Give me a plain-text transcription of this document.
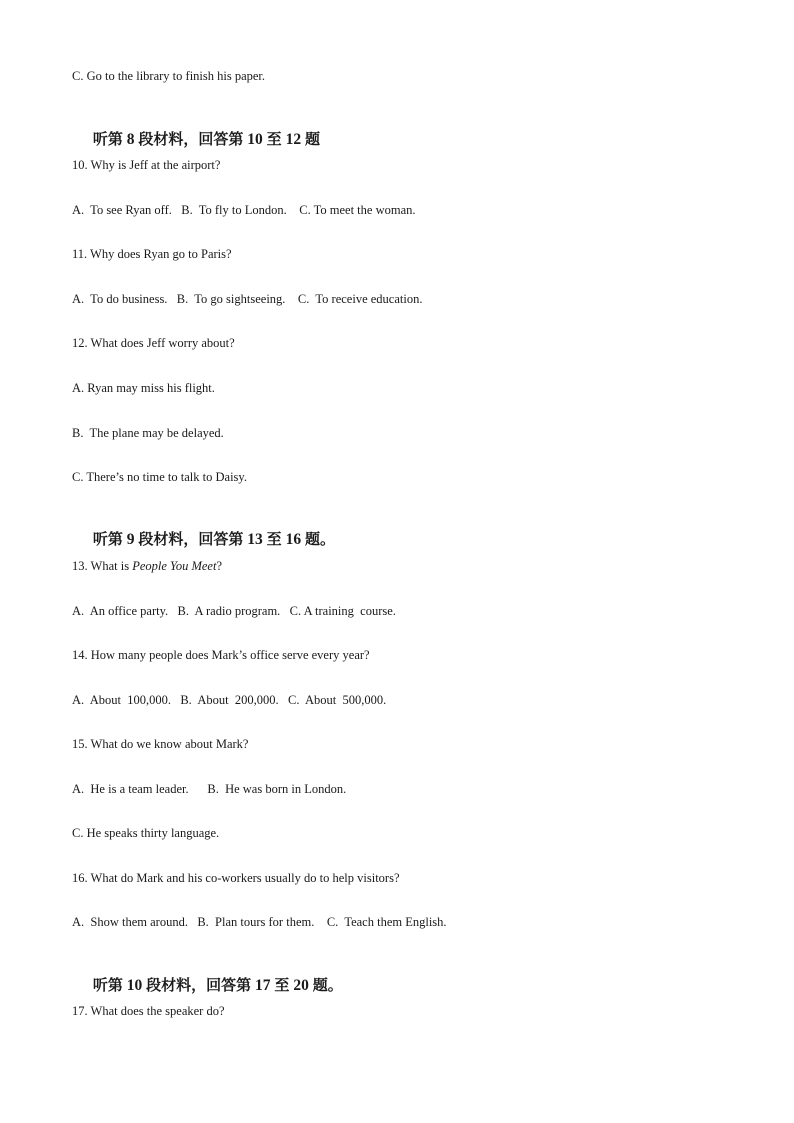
C. Go to the library to finish his paper.

听第 8 段材料，回答第 10 至 12 题

10. Why is Jeff at the airport?
A.  To see Ryan off.   B.  To fly to London.    C. To meet the woman.
11. Why does Ryan go to Paris?
A.  To do business.   B.  To go sightseeing.    C.  To receive education.
12. What does Jeff worry about?
A. Ryan may miss his flight.
B.  The plane may be delayed.
C. There’s no time to talk to Daisy.

听第 9 段材料，回答第 13 至 16 题。

13. What is People You Meet?
A.  An office party.   B.  A radio program.   C. A training  course.
14. How many people does Mark’s office serve every year?
A.  About  100,000.   B.  About  200,000.   C.  About  500,000.
15. What do we know about Mark?
A.  He is a team leader.      B.  He was born in London.
C. He speaks thirty language.
16. What do Mark and his co-workers usually do to help visitors?
A.  Show them around.   B.  Plan tours for them.    C.  Teach them English.

听第 10 段材料，回答第 17 至 20 题。

17. What does the speaker do?
